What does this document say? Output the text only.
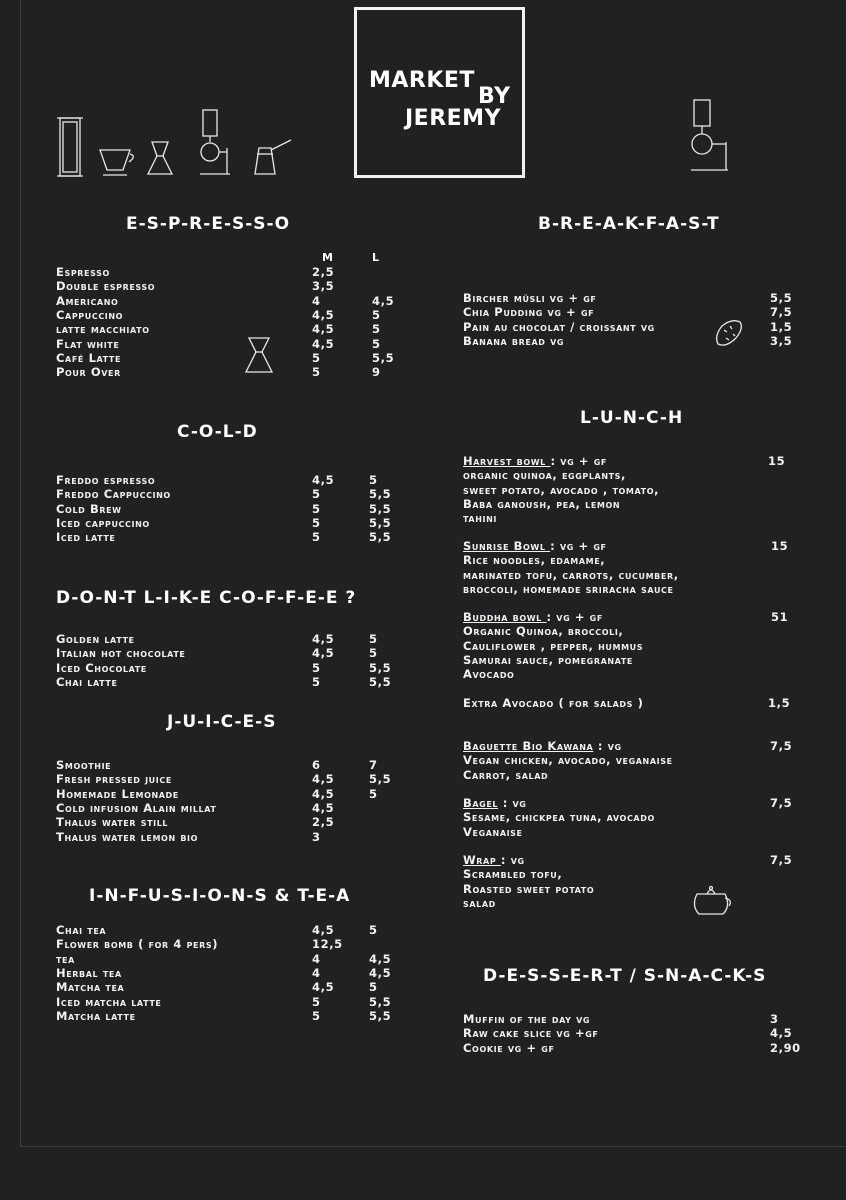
MARKET
BY
JEREMY
E-S-P-R-E-S-S-O
M	L
Espresso	2,5
Double espresso	3,5
Americano	4	4,5
Cappuccino	4,5	5
latte macchiato	4,5	5
Flat white	4,5	5
Café Latte	5	5,5
Pour Over	5	9
C-O-L-D
Freddo espresso	4,5	5
Freddo Cappuccino	5	5,5
Cold Brew	5	5,5
Iced cappuccino	5	5,5
Iced latte	5	5,5
D-O-N-T L-I-K-E C-O-F-F-E-E ?
Golden latte	4,5	5
Italian hot chocolate	4,5	5
Iced Chocolate	5	5,5
Chai latte	5	5,5
J-U-I-C-E-S
Smoothie	6	7
Fresh pressed juice	4,5	5,5
Homemade Lemonade	4,5	5
Cold infusion Alain millat	4,5
Thalus water still	2,5
Thalus water lemon bio	3
I-N-F-U-S-I-O-N-S & T-E-A
Chai tea	4,5	5
Flower bomb ( for 4 pers)	12,5
tea	4	4,5
Herbal tea	4	4,5
Matcha tea	4,5	5
Iced matcha latte	5	5,5
Matcha latte	5	5,5
B-R-E-A-K-F-A-S-T
Bircher müsli vg + gf	5,5
Chia Pudding vg + gf	7,5
Pain au chocolat / croissant vg	1,5
Banana bread vg	3,5
L-U-N-C-H
Harvest bowl : vg + gf
organic quinoa, eggplants,
sweet potato, avocado , tomato,
Baba ganoush, pea, lemon
tahini
15
Sunrise Bowl : vg + gf
Rice noodles, edamame,
marinated tofu, carrots, cucumber,
broccoli, homemade sriracha sauce
15
Buddha bowl : vg + gf
Organic Quinoa, broccoli,
Cauliflower , pepper, hummus
Samurai sauce, pomegranate
Avocado
51
Extra Avocado ( for salads )	1,5
Baguette Bio Kawana : vg
Vegan chicken, avocado, veganaise
Carrot, salad
7,5
Bagel : vg
Sesame, chickpea tuna, avocado
Veganaise
7,5
Wrap : vg
Scrambled tofu,
Roasted sweet potato
salad
7,5
D-E-S-S-E-R-T / S-N-A-C-K-S
Muffin of the day vg	3
Raw cake slice vg +gf	4,5
Cookie vg + gf	2,90
